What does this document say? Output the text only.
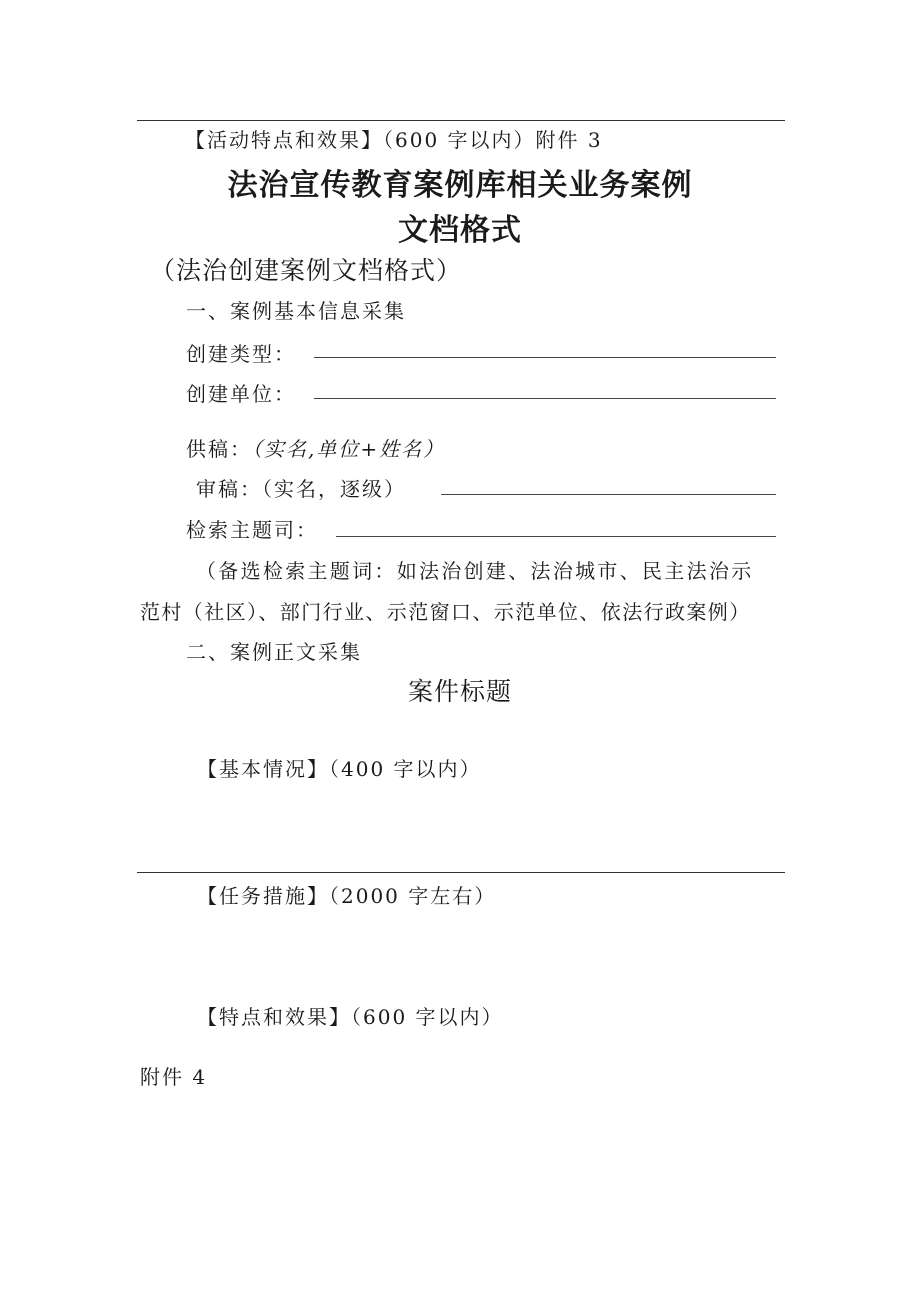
【活动特点和效果】（600 字以内）附件 3
法治宣传教育案例库相关业务案例
文档格式
（法治创建案例文档格式）
一、案例基本信息采集
创建类型：
创建单位：
供稿：（实名,单位+姓名）
审稿：（实名，逐级）
检索主题司：
（备选检索主题词：如法治创建、法治城市、民主法治示
范村（社区）、部门行业、示范窗口、示范单位、依法行政案例）
二、案例正文采集
案件标题
【基本情况】（400 字以内）
【任务措施】（2000 字左右）
【特点和效果】（600 字以内）
附件 4
